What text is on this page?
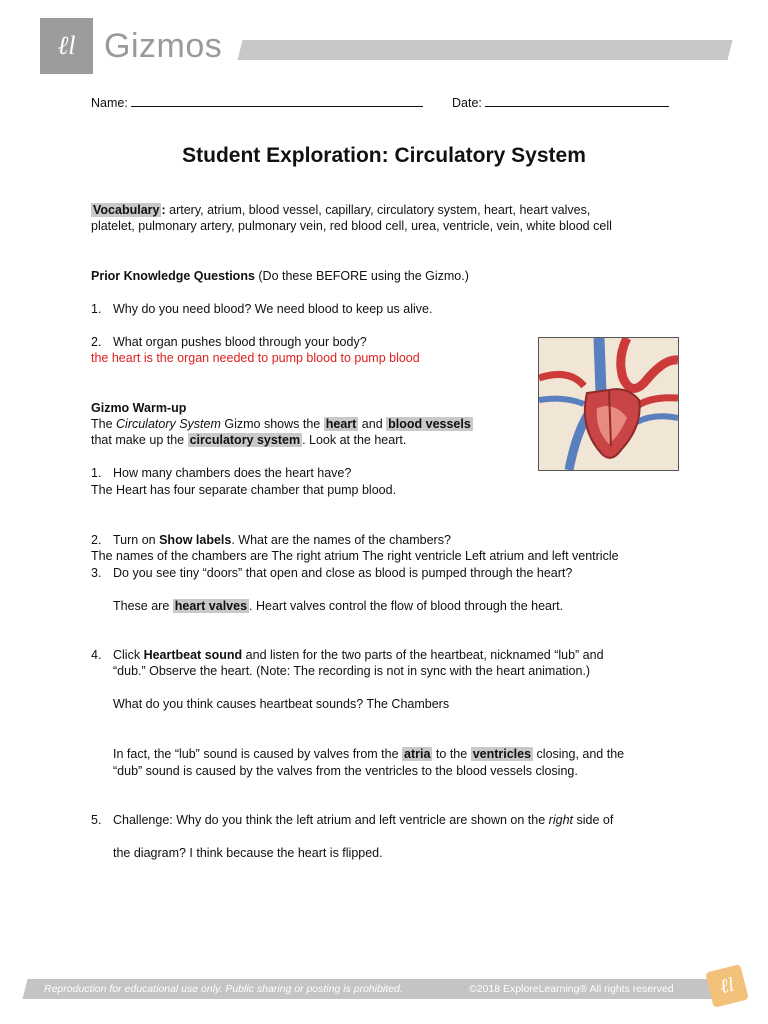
ℓl Gizmos
Name:	Date:
Student Exploration: Circulatory System
Vocabulary : artery, atrium, blood vessel, capillary, circulatory system, heart, heart valves,
platelet, pulmonary artery, pulmonary vein, red blood cell, urea, ventricle, vein, white blood cell
Prior Knowledge Questions (Do these BEFORE using the Gizmo.)
1. Why do you need blood? We need blood to keep us alive.
2. What organ pushes blood through your body?
the heart is the organ needed to pump blood to pump blood
Gizmo Warm-up
The Circulatory System Gizmo shows the heart and blood vessels
that make up the circulatory system . Look at the heart.
1. How many chambers does the heart have?
The Heart has four separate chamber that pump blood.
2. Turn on Show labels. What are the names of the chambers?
The names of the chambers are The right atrium The right ventricle Left atrium and left ventricle
3. Do you see tiny “doors” that open and close as blood is pumped through the heart?
These are heart valves . Heart valves control the flow of blood through the heart.
4. Click Heartbeat sound and listen for the two parts of the heartbeat, nicknamed “lub” and
“dub.” Observe the heart. (Note: The recording is not in sync with the heart animation.)
What do you think causes heartbeat sounds? The Chambers
In fact, the “lub” sound is caused by valves from the atria to the ventricles closing, and the
“dub” sound is caused by the valves from the ventricles to the blood vessels closing.
5. Challenge: Why do you think the left atrium and left ventricle are shown on the right side of
the diagram? I think because the heart is flipped.
Reproduction for educational use only. Public sharing or posting is prohibited.	©2018 ExploreLearning® All rights reserved	ℓl
